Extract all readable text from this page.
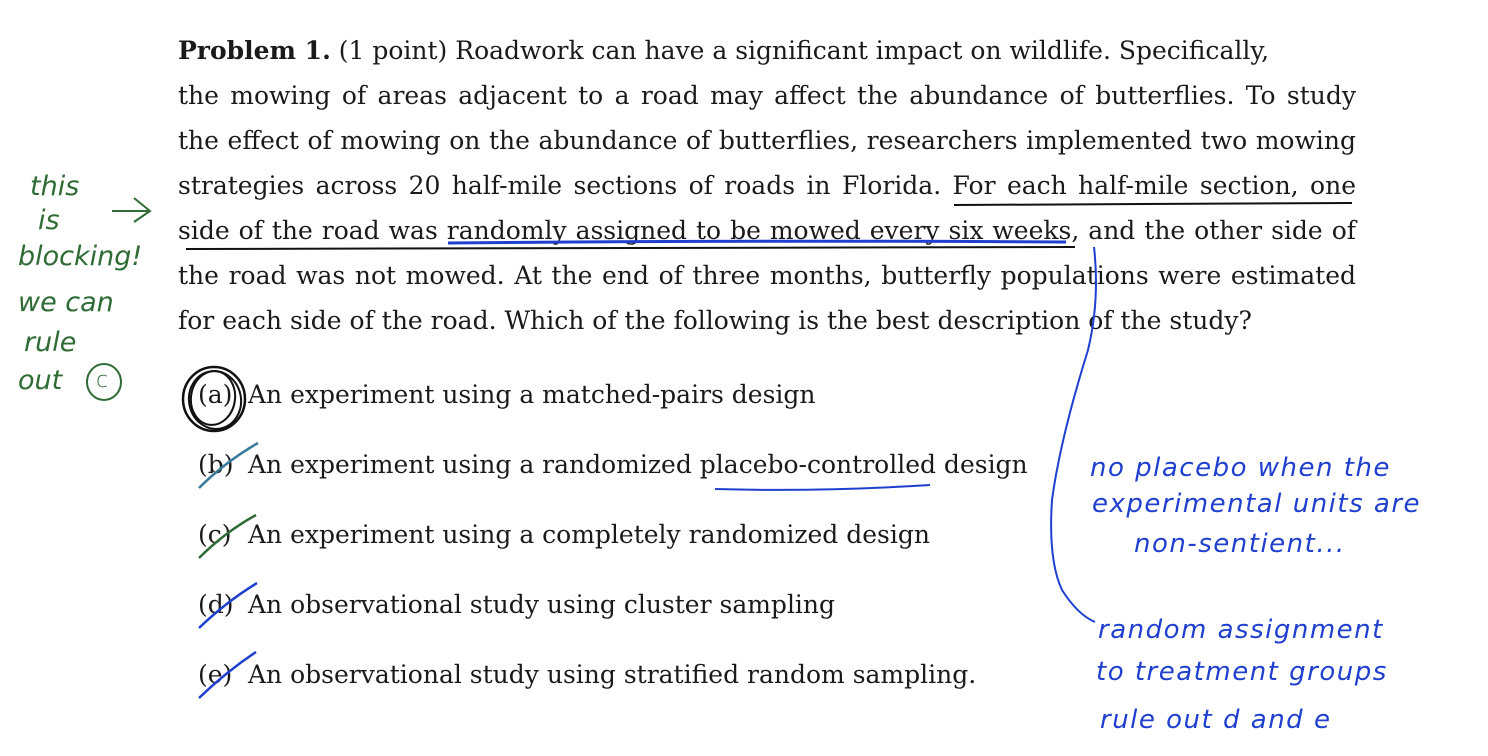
Problem 1. (1 point) Roadwork can have a significant impact on wildlife. Specifically,
the mowing of areas adjacent to a road may affect the abundance of butterflies. To study
the effect of mowing on the abundance of butterflies, researchers implemented two mowing
strategies across 20 half-mile sections of roads in Florida. For each half-mile section, one
side of the road was randomly assigned to be mowed every six weeks, and the other side of
the road was not mowed. At the end of three months, butterfly populations were estimated
for each side of the road. Which of the following is the best description of the study?
(a) An experiment using a matched-pairs design
(b) An experiment using a randomized placebo-controlled design
(c) An experiment using a completely randomized design
(d) An observational study using cluster sampling
(e) An observational study using stratified random sampling.
this
is
blocking!
we can
rule
out c
no placebo when the
experimental units are
non-sentient...
random assignment
to treatment groups
rule out d and e
